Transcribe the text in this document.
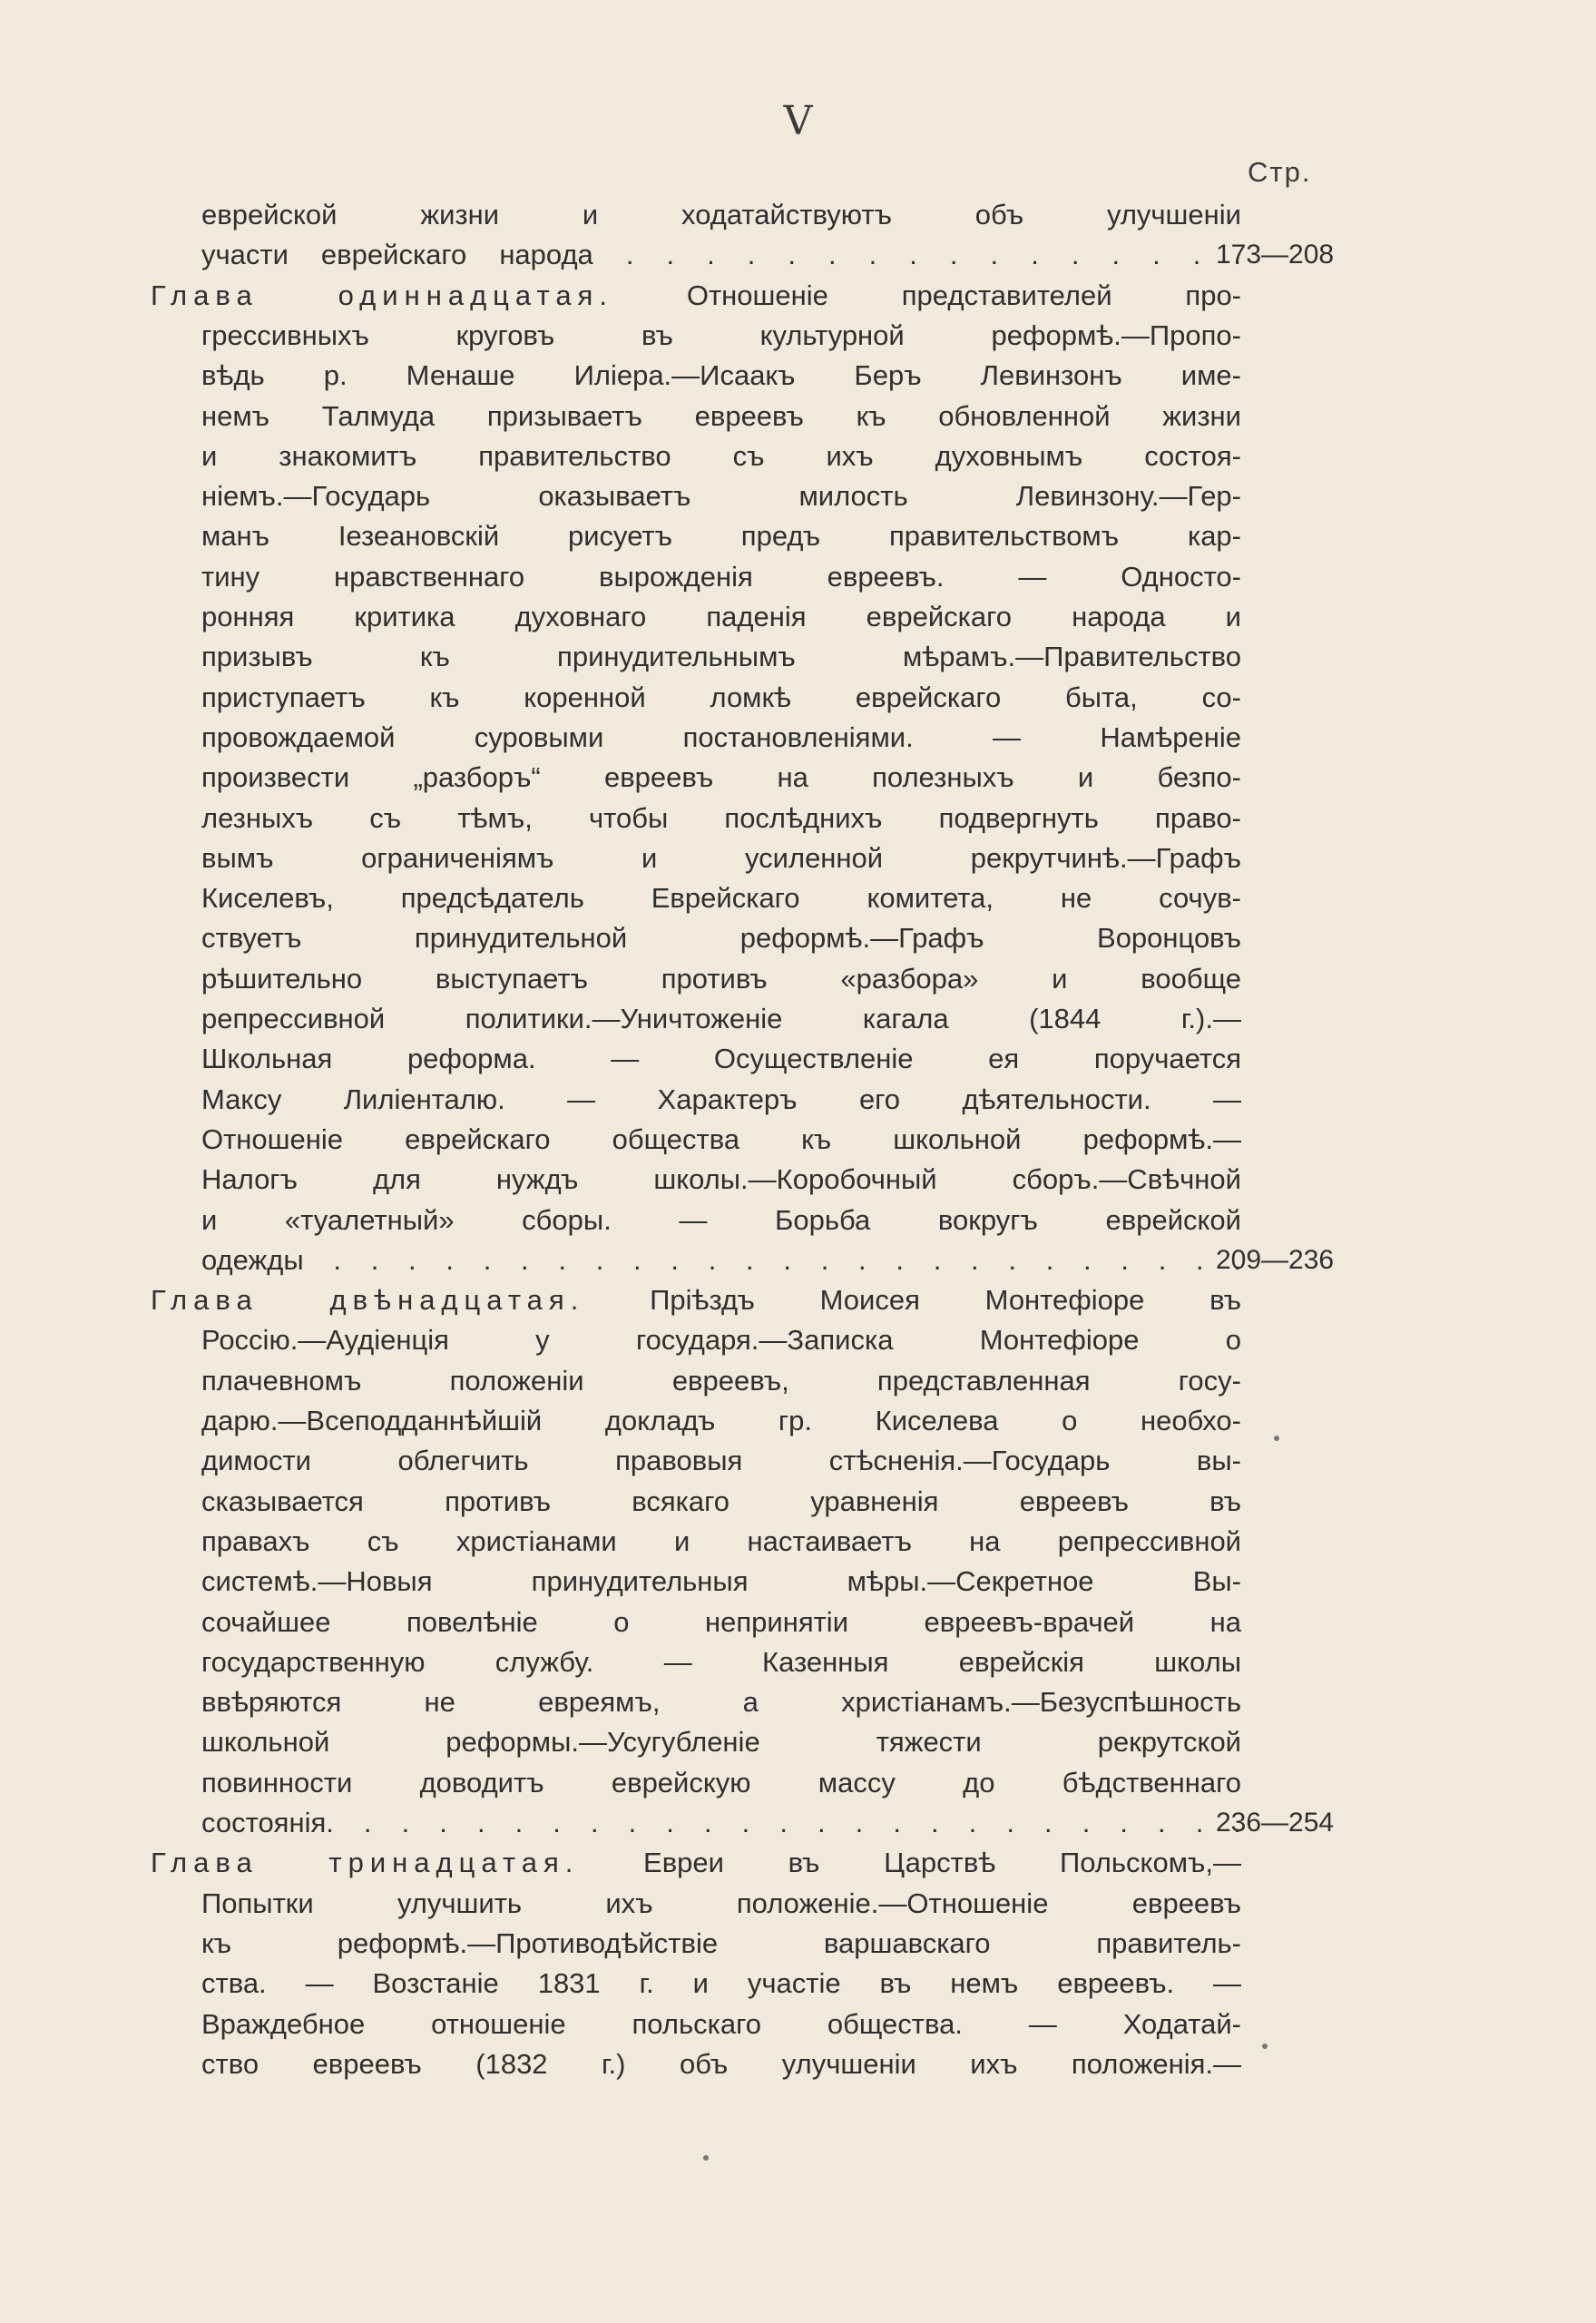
V
Стр.
еврейской жизни и ходатайствуютъ объ улучшеніи
участи еврейскаго народа . . . . . . . . . . . . . . . .
173—208
Глава одиннадцатая.	Отношеніе представителей про-
грессивныхъ круговъ въ культурной реформѣ.—Пропо-
вѣдь р. Менаше Иліера.—Исаакъ Беръ Левинзонъ име-
немъ Талмуда призываетъ евреевъ къ обновленной жизни
и знакомитъ правительство съ ихъ духовнымъ состоя-
ніемъ.—Государь оказываетъ милость Левинзону.—Гер-
манъ Іезеановскій рисуетъ предъ правительствомъ кар-
тину нравственнаго вырожденія евреевъ. — Односто-
ронняя критика духовнаго паденія еврейскаго народа и
призывъ къ принудительнымъ мѣрамъ.—Правительство
приступаетъ къ коренной ломкѣ еврейскаго быта, со-
провождаемой суровыми постановленіями. — Намѣреніе
произвести „разборъ“ евреевъ на полезныхъ и безпо-
лезныхъ съ тѣмъ, чтобы послѣднихъ подвергнуть право-
вымъ ограниченіямъ и усиленной рекрутчинѣ.—Графъ
Киселевъ, предсѣдатель Еврейскаго комитета, не сочув-
ствуетъ принудительной реформѣ.—Графъ Воронцовъ
рѣшительно выступаетъ противъ «разбора» и вообще
репрессивной политики.—Уничтоженіе кагала (1844 г.).—
Школьная реформа. — Осуществленіе ея поручается
Максу Лиліенталю. — Характеръ его дѣятельности. —
Отношеніе еврейскаго общества къ школьной реформѣ.—
Налогъ для нуждъ школы.—Коробочный сборъ.—Свѣчной
и «туалетный» сборы. — Борьба вокругъ еврейской
одежды . . . . . . . . . . . . . . . . . . . . . . . . .
209—236
Глава двѣнадцатая. Пріѣздъ Моисея Монтефіоре въ
Россію.—Аудіенція у государя.—Записка Монтефіоре о
плачевномъ положеніи евреевъ, представленная госу-
дарю.—Всеподданнѣйшій докладъ гр. Киселева о необхо-
димости облегчить правовыя стѣсненія.—Государь вы-
сказывается противъ всякаго уравненія евреевъ въ
правахъ съ христіанами и настаиваетъ на репрессивной
системѣ.—Новыя принудительныя мѣры.—Секретное Вы-
сочайшее повелѣніе о непринятіи евреевъ-врачей на
государственную службу. — Казенныя еврейскія школы
ввѣряются не евреямъ, а христіанамъ.—Безуспѣшность
школьной реформы.—Усугубленіе тяжести рекрутской
повинности доводитъ еврейскую массу до бѣдственнаго
состоянія. . . . . . . . . . . . . . . . . . . . . . . . .
236—254
Глава тринадцатая. Евреи въ Царствѣ Польскомъ,—
Попытки улучшить ихъ положеніе.—Отношеніе евреевъ
къ реформѣ.—Противодѣйствіе варшавскаго правитель-
ства. — Возстаніе 1831 г. и участіе въ немъ евреевъ. —
Враждебное отношеніе польскаго общества. — Ходатай-
ство евреевъ (1832 г.) объ улучшеніи ихъ положенія.—
